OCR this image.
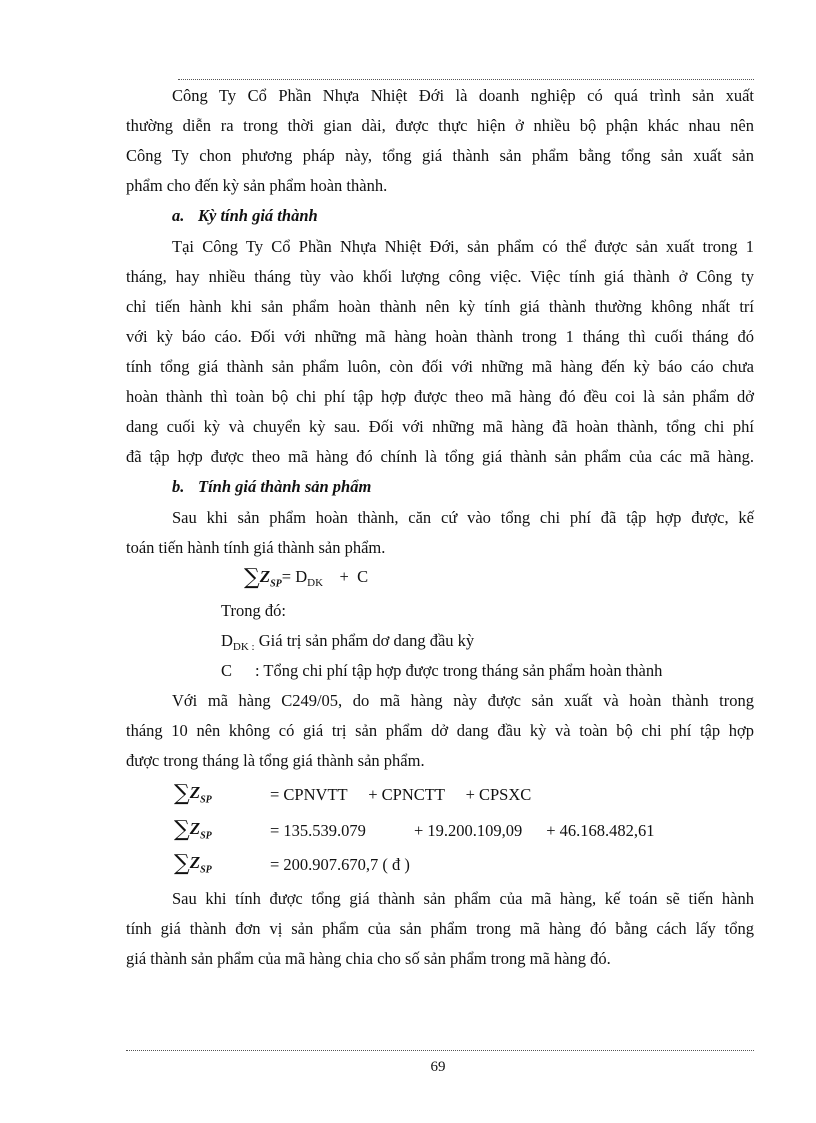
Công Ty Cổ Phần Nhựa Nhiệt Đới là doanh nghiệp có quá trình sản xuất
thường diễn ra trong thời gian dài, được thực hiện ở nhiều bộ phận khác nhau nên
Công Ty chon phương pháp này, tổng giá thành sản phẩm bằng tổng sản xuất sản
phẩm cho đến kỳ sản phẩm hoàn thành.
a. Kỳ tính giá thành
Tại Công Ty Cổ Phần Nhựa Nhiệt Đới, sản phẩm có thể được sản xuất trong 1
tháng, hay nhiều tháng tùy vào khối lượng công việc. Việc tính giá thành ở Công ty
chỉ tiến hành khi sản phẩm hoàn thành nên kỳ tính giá thành thường không nhất trí
với kỳ báo cáo. Đối với những mã hàng hoàn thành trong 1 tháng thì cuối tháng đó
tính tổng giá thành sản phẩm luôn, còn đối với những mã hàng đến kỳ báo cáo chưa
hoàn thành thì toàn bộ chi phí tập hợp được theo mã hàng đó đều coi là sản phẩm dở
dang cuối kỳ và chuyển kỳ sau. Đối với những mã hàng đã hoàn thành, tổng chi phí
đã tập hợp được theo mã hàng đó chính là tổng giá thành sản phẩm của các mã hàng.
b. Tính giá thành sản phẩm
Sau khi sản phẩm hoàn thành, căn cứ vào tổng chi phí đã tập hợp được, kế
toán tiến hành tính giá thành sản phẩm.
$\sum Z_{SP}= D_{DK} + C$
Trong đó:
$D_{DK :}$ Giá trị sản phẩm dơ dang đầu kỳ
C : Tổng chi phí tập hợp được trong tháng sản phẩm hoàn thành
Với mã hàng C249/05, do mã hàng này được sản xuất và hoàn thành trong
tháng 10 nên không có giá trị sản phẩm dở dang đầu kỳ và toàn bộ chi phí tập hợp
được trong tháng là tổng giá thành sản phẩm.
$\sum Z_{SP}$	= CPNVTT + CPNCTT + CPSXC
$\sum Z_{SP}$	= 135.539.079	+ 19.200.109,09 + 46.168.482,61
$\sum Z_{SP}$	= 200.907.670,7 ( đ )
Sau khi tính được tổng giá thành sản phẩm của mã hàng, kế toán sẽ tiến hành
tính giá thành đơn vị sản phẩm của sản phẩm trong mã hàng đó bằng cách lấy tổng
giá thành sản phẩm của mã hàng chia cho số sản phẩm trong mã hàng đó.
69
